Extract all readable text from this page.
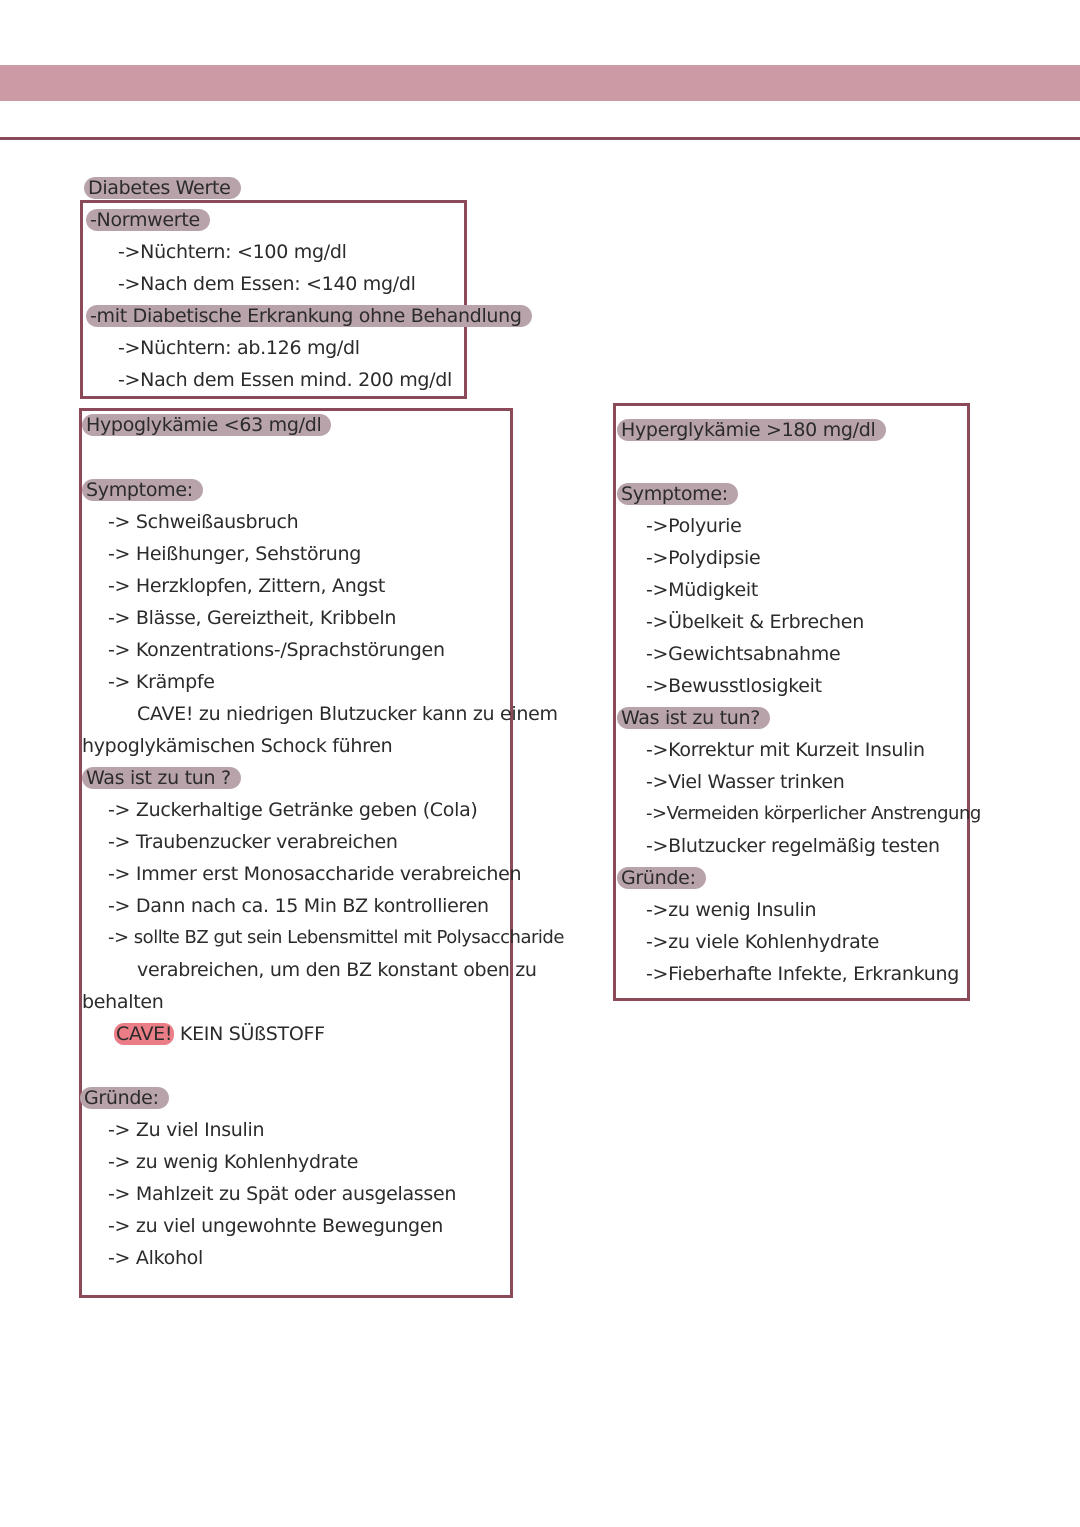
Diabetes Werte
-Normwerte
->Nüchtern: <100 mg/dl
->Nach dem Essen: <140 mg/dl
-mit Diabetische Erkrankung ohne Behandlung
->Nüchtern: ab.126 mg/dl
->Nach dem Essen mind. 200 mg/dl
Hypoglykämie <63 mg/dl
Symptome:
-> Schweißausbruch
-> Heißhunger, Sehstörung
-> Herzklopfen, Zittern, Angst
-> Blässe, Gereiztheit, Kribbeln
-> Konzentrations-/Sprachstörungen
-> Krämpfe
CAVE! zu niedrigen Blutzucker kann zu einem
hypoglykämischen Schock führen
Was ist zu tun ?
-> Zuckerhaltige Getränke geben (Cola)
-> Traubenzucker verabreichen
-> Immer erst Monosaccharide verabreichen
-> Dann nach ca. 15 Min BZ kontrollieren
-> sollte BZ gut sein Lebensmittel mit Polysaccharide
verabreichen, um den BZ konstant oben zu
behalten
CAVE! KEIN SÜßSTOFF
Gründe:
-> Zu viel Insulin
-> zu wenig Kohlenhydrate
-> Mahlzeit zu Spät oder ausgelassen
-> zu viel ungewohnte Bewegungen
-> Alkohol
Hyperglykämie >180 mg/dl
Symptome:
->Polyurie
->Polydipsie
->Müdigkeit
->Übelkeit & Erbrechen
->Gewichtsabnahme
->Bewusstlosigkeit
Was ist zu tun?
->Korrektur mit Kurzeit Insulin
->Viel Wasser trinken
->Vermeiden körperlicher Anstrengung
->Blutzucker regelmäßig testen
Gründe:
->zu wenig Insulin
->zu viele Kohlenhydrate
->Fieberhafte Infekte, Erkrankung
